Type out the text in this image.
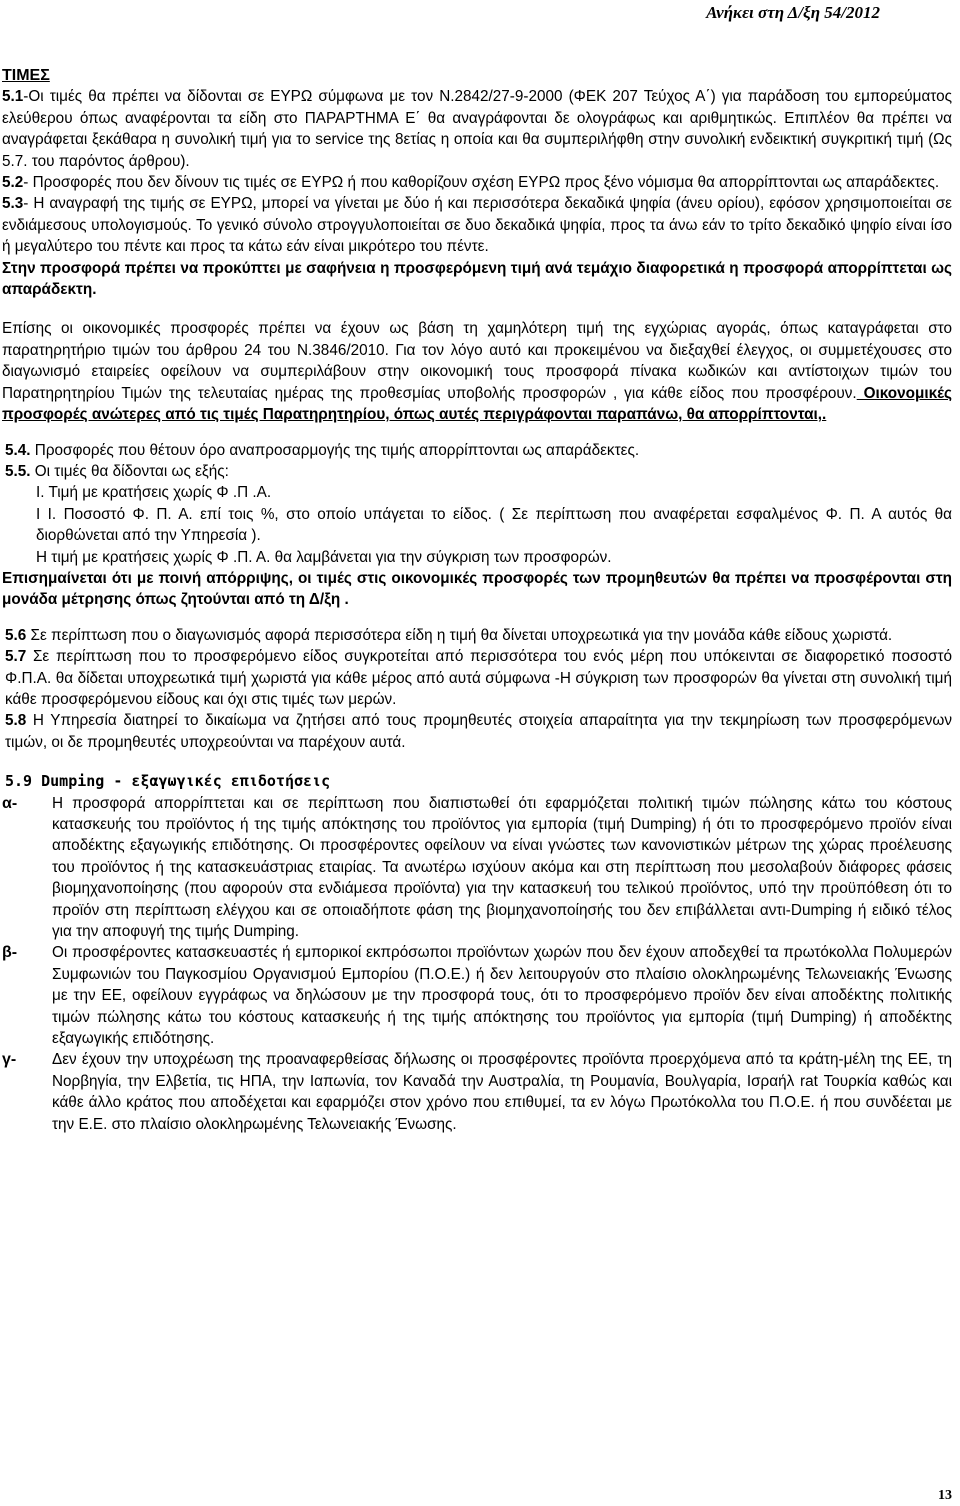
Ανήκει στη Δ/ξη 54/2012
ΤΙΜΕΣ

5.1-Οι τιμές θα πρέπει να δίδονται σε ΕΥΡΩ σύμφωνα με τον Ν.2842/27-9-2000 (ΦΕΚ 207 Τεύχος Α΄) για παράδοση του εμπορεύματος ελεύθερου όπως αναφέρονται τα είδη στο ΠΑΡΑΡΤΗΜΑ Ε΄ θα αναγράφονται δε ολογράφως και αριθμητικώς. Επιπλέον θα πρέπει να αναγράφεται ξεκάθαρα η συνολική τιμή για το service της 8ετίας η οποία και θα συμπεριλήφθη στην συνολική ενδεικτική συγκριτική τιμή (Ως 5.7. του παρόντος άρθρου).

5.2- Προσφορές που δεν δίνουν τις τιμές σε ΕΥΡΩ ή που καθορίζουν σχέση ΕΥΡΩ προς ξένο νόμισμα θα απορρίπτονται ως απαράδεκτες.

5.3- Η αναγραφή της τιμής σε ΕΥΡΩ, μπορεί να γίνεται με δύο ή και περισσότερα δεκαδικά ψηφία (άνευ ορίου), εφόσον χρησιμοποιείται σε ενδιάμεσους υπολογισμούς. Το γενικό σύνολο στρογγυλοποιείται σε δυο δεκαδικά ψηφία, προς τα άνω εάν το τρίτο δεκαδικό ψηφίο είναι ίσο ή μεγαλύτερο του πέντε και προς τα κάτω εάν είναι μικρότερο του πέντε.

Στην προσφορά πρέπει να προκύπτει με σαφήνεια η προσφερόμενη τιμή ανά τεμάχιο διαφορετικά η προσφορά απορρίπτεται ως απαράδεκτη.

Επίσης οι οικονομικές προσφορές πρέπει να έχουν ως βάση τη χαμηλότερη τιμή της εγχώριας αγοράς, όπως καταγράφεται στο παρατηρητήριο τιμών του άρθρου 24 του Ν.3846/2010. Για τον λόγο αυτό και προκειμένου να διεξαχθεί έλεγχος, οι συμμετέχουσες στο διαγωνισμό εταιρείες οφείλουν να συμπεριλάβουν στην οικονομική τους προσφορά πίνακα κωδικών και αντίστοιχων τιμών του Παρατηρητηρίου Τιμών της τελευταίας ημέρας της προθεσμίας υποβολής προσφορών , για κάθε είδος που προσφέρουν. Οικονομικές προσφορές ανώτερες από τις τιμές Παρατηρητηρίου, όπως αυτές περιγράφονται παραπάνω, θα απορρίπτονται,.

5.4. Προσφορές που θέτουν όρο αναπροσαρμογής της τιμής απορρίπτονται ως απαράδεκτες.

5.5. Οι τιμές θα δίδονται ως εξής:

Ι. Τιμή με κρατήσεις χωρίς Φ .Π .Α.

Ι Ι. Ποσοστό Φ. Π. Α. επί τοις %, στο οποίο υπάγεται το είδος. ( Σε περίπτωση που αναφέρεται εσφαλμένος Φ. Π. Α αυτός θα διορθώνεται από την Υπηρεσία ).

Η τιμή με κρατήσεις χωρίς Φ .Π. Α. θα λαμβάνεται για την σύγκριση των προσφορών.

Επισημαίνεται ότι με ποινή απόρριψης, οι τιμές στις οικονομικές προσφορές των προμηθευτών θα πρέπει να προσφέρονται στη μονάδα μέτρησης όπως ζητούνται από τη Δ/ξη .

5.6 Σε περίπτωση που ο διαγωνισμός αφορά περισσότερα είδη η τιμή θα δίνεται υποχρεωτικά για την μονάδα κάθε είδους χωριστά.

5.7 Σε περίπτωση που το προσφερόμενο είδος συγκροτείται από περισσότερα του ενός μέρη που υπόκεινται σε διαφορετικό ποσοστό Φ.Π.Α. θα δίδεται υποχρεωτικά τιμή χωριστά για κάθε μέρος από αυτά σύμφωνα -Η σύγκριση των προσφορών θα γίνεται στη συνολική τιμή κάθε προσφερόμενου είδους και όχι στις τιμές των μερών.

5.8 Η Υπηρεσία διατηρεί το δικαίωμα να ζητήσει από τους προμηθευτές στοιχεία απαραίτητα για την τεκμηρίωση των προσφερόμενων τιμών, οι δε προμηθευτές υποχρεούνται να παρέχουν αυτά.

5.9 Dumping - εξαγωγικές επιδοτήσεις

α-	Η προσφορά απορρίπτεται και σε περίπτωση που διαπιστωθεί ότι εφαρμόζεται πολιτική τιμών πώλησης κάτω του κόστους κατασκευής του προϊόντος ή της τιμής απόκτησης του προϊόντος για εμπορία (τιμή Dumping) ή ότι το προσφερόμενο προϊόν είναι αποδέκτης εξαγωγικής επιδότησης. Οι προσφέροντες οφείλουν να είναι γνώστες των κανονιστικών μέτρων της χώρας προέλευσης του προϊόντος ή της κατασκευάστριας εταιρίας. Τα ανωτέρω ισχύουν ακόμα και στη περίπτωση που μεσολαβούν διάφορες φάσεις βιομηχανοποίησης (που αφορούν στα ενδιάμεσα προϊόντα) για την κατασκευή του τελικού προϊόντος, υπό την προϋπόθεση ότι το προϊόν στη περίπτωση ελέγχου και σε οποιαδήποτε φάση της βιομηχανοποίησής του δεν επιβάλλεται αντι-Dumping ή ειδικό τέλος για την αποφυγή της τιμής Dumping.
β-	Οι προσφέροντες κατασκευαστές ή εμπορικοί εκπρόσωποι προϊόντων χωρών που δεν έχουν αποδεχθεί τα πρωτόκολλα Πολυμερών Συμφωνιών του Παγκοσμίου Οργανισμού Εμπορίου (Π.Ο.Ε.) ή δεν λειτουργούν στο πλαίσιο ολοκληρωμένης Τελωνειακής Ένωσης με την ΕΕ, οφείλουν εγγράφως να δηλώσουν με την προσφορά τους, ότι το προσφερόμενο προϊόν δεν είναι αποδέκτης πολιτικής τιμών πώλησης κάτω του κόστους κατασκευής ή της τιμής απόκτησης του προϊόντος για εμπορία (τιμή Dumping) ή αποδέκτης εξαγωγικής επιδότησης.
γ-	Δεν έχουν την υποχρέωση της προαναφερθείσας δήλωσης οι προσφέροντες προϊόντα προερχόμενα από τα κράτη-μέλη της ΕΕ, τη Νορβηγία, την Ελβετία, τις ΗΠΑ, την Ιαπωνία, τον Καναδά την Αυστραλία, τη Ρουμανία, Βουλγαρία, Ισραήλ rat Τουρκία καθώς και κάθε άλλο κράτος που αποδέχεται και εφαρμόζει στον χρόνο που επιθυμεί, τα εν λόγω Πρωτόκολλα του Π.Ο.Ε. ή που συνδέεται με την Ε.Ε. στο πλαίσιο ολοκληρωμένης Τελωνειακής Ένωσης.
13
